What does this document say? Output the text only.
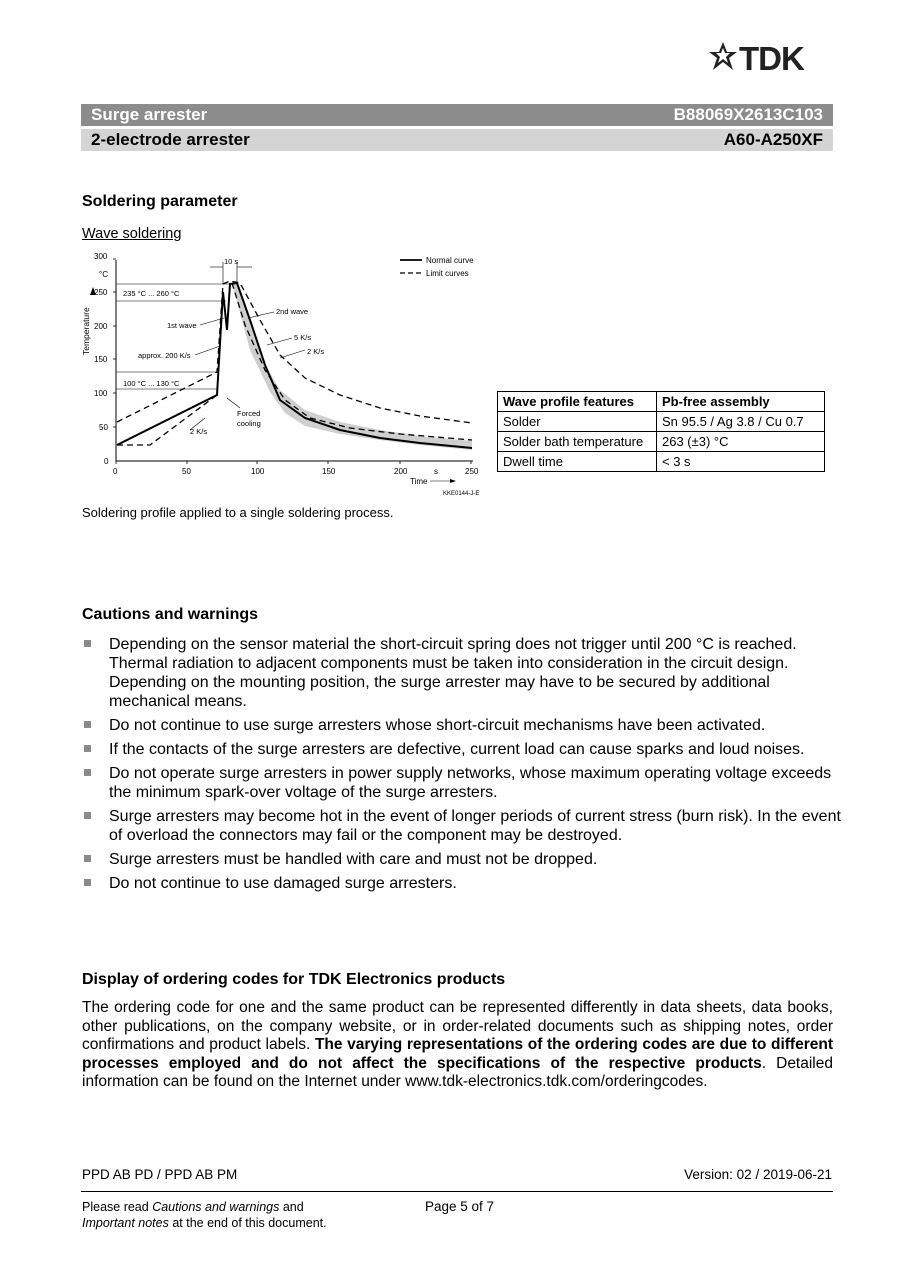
TDK
Surge arrester	B88069X2613C103
2-electrode arrester	A60-A250XF
Soldering parameter
Wave soldering
Normal curve
Limit curves
300
°C
250
200
150
100
50
0
Temperature
0	50	100	150	200	s	250
Time
KKE0144-J-E
10 s
235 °C ... 260 °C
1st wave
2nd wave
approx. 200 K/s
5 K/s
2 K/s
100 °C ... 130 °C
2 K/s
Forced
cooling
Wave profile features	Pb-free assembly
Solder	Sn 95.5 / Ag 3.8 / Cu 0.7
Solder bath temperature	263 (±3) °C
Dwell time	< 3 s
Soldering profile applied to a single soldering process.
Cautions and warnings
Depending on the sensor material the short-circuit spring does not trigger until 200 °C is reached. Thermal radiation to adjacent components must be taken into consideration in the circuit design. Depending on the mounting position, the surge arrester may have to be secured by additional mechanical means.
Do not continue to use surge arresters whose short-circuit mechanisms have been activated.
If the contacts of the surge arresters are defective, current load can cause sparks and loud noises.
Do not operate surge arresters in power supply networks, whose maximum operating voltage exceeds the minimum spark-over voltage of the surge arresters.
Surge arresters may become hot in the event of longer periods of current stress (burn risk). In the event of overload the connectors may fail or the component may be destroyed.
Surge arresters must be handled with care and must not be dropped.
Do not continue to use damaged surge arresters.
Display of ordering codes for TDK Electronics products
The ordering code for one and the same product can be represented differently in data sheets, data books, other publications, on the company website, or in order-related documents such as shipping notes, order confirmations and product labels. The varying representations of the ordering codes are due to different processes employed and do not affect the specifications of the respective products. Detailed information can be found on the Internet under www.tdk-electronics.tdk.com/orderingcodes.
PPD AB PD / PPD AB PM	Version: 02 / 2019-06-21
Please read Cautions and warnings and
Important notes at the end of this document.
Page 5 of 7
